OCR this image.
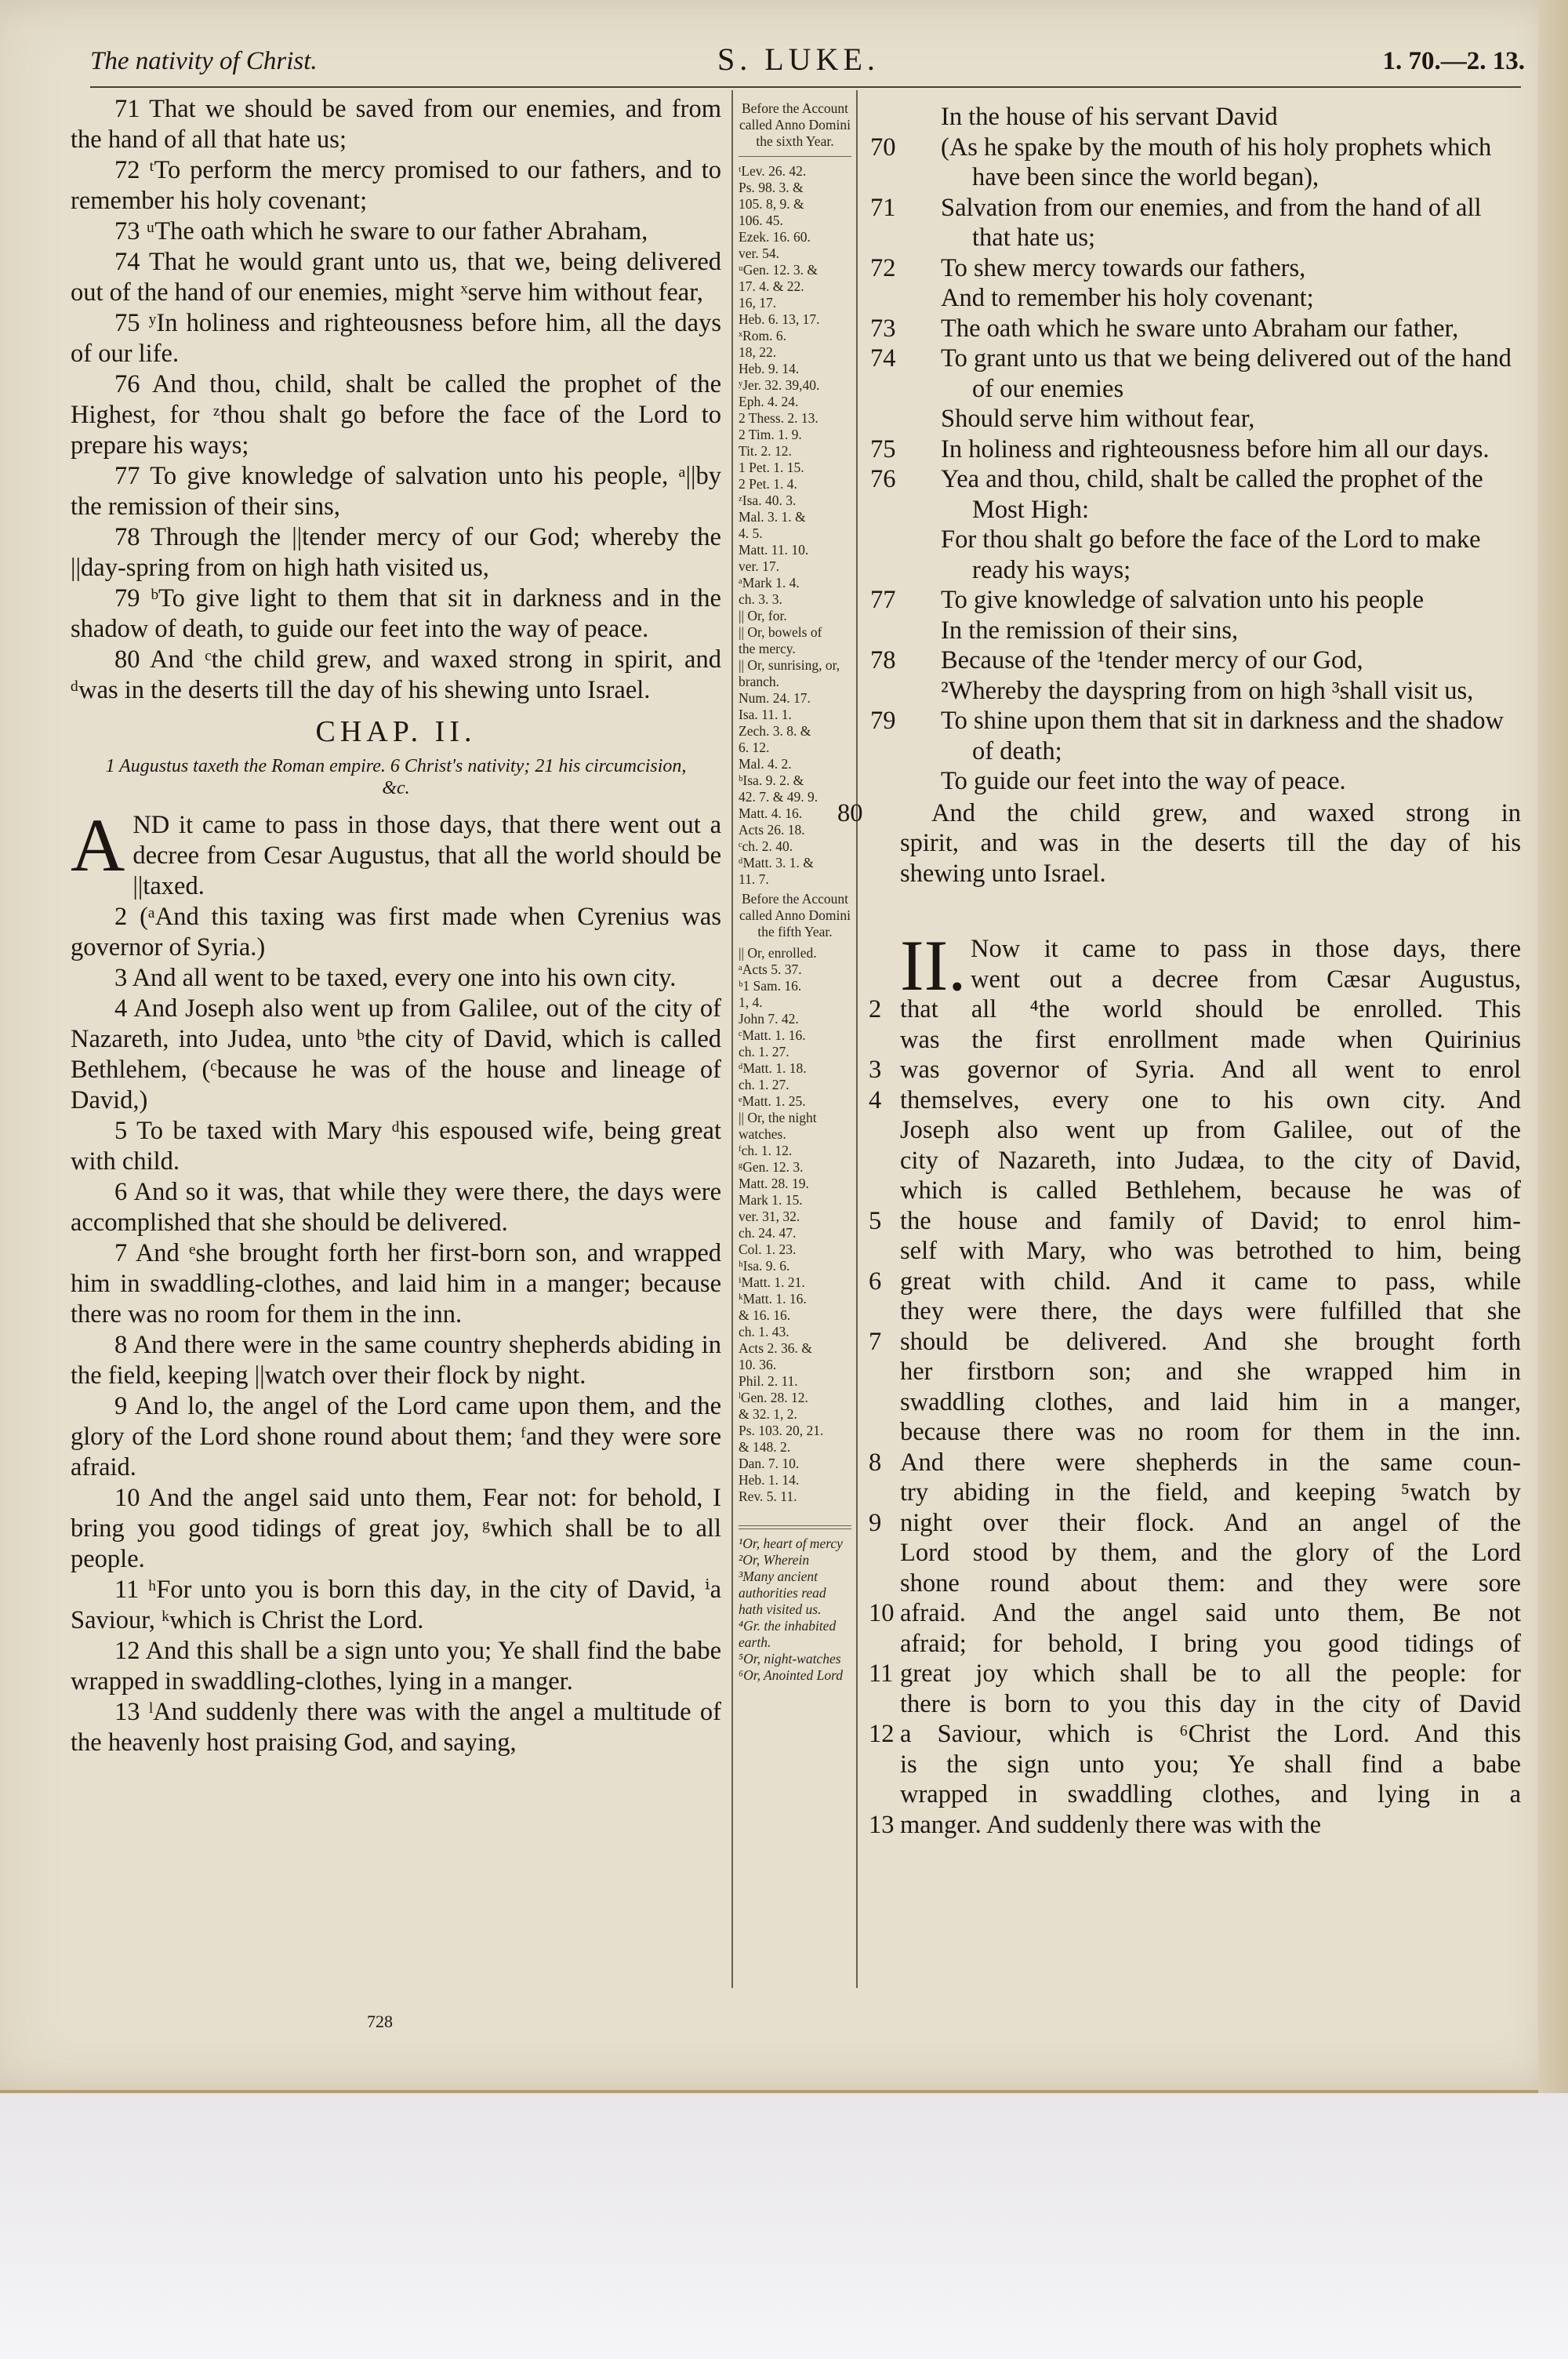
The nativity of Christ.	S. LUKE.	1. 70.—2. 13.

71 That we should be saved from our enemies, and from the hand of all that hate us;

72 ᵗTo perform the mercy promised to our fathers, and to remember his holy covenant;

73 ᵘThe oath which he sware to our father Abraham,

74 That he would grant unto us, that we, being delivered out of the hand of our enemies, might ˣserve him without fear,

75 ʸIn holiness and righteousness before him, all the days of our life.

76 And thou, child, shalt be called the prophet of the Highest, for ᶻthou shalt go before the face of the Lord to prepare his ways;

77 To give knowledge of salvation unto his people, ᵃ||by the remission of their sins,

78 Through the ||tender mercy of our God; whereby the ||day-spring from on high hath visited us,

79 ᵇTo give light to them that sit in darkness and in the shadow of death, to guide our feet into the way of peace.

80 And ᶜthe child grew, and waxed strong in spirit, and ᵈwas in the deserts till the day of his shewing unto Israel.

CHAP. II.
1 Augustus taxeth the Roman empire. 6 Christ's nativity; 21 his circumcision, &c.

AND it came to pass in those days, that there went out a decree from Cesar Augustus, that all the world should be ||taxed.

2 (ᵃAnd this taxing was first made when Cyrenius was governor of Syria.)

3 And all went to be taxed, every one into his own city.

4 And Joseph also went up from Galilee, out of the city of Nazareth, into Judea, unto ᵇthe city of David, which is called Bethlehem, (ᶜbecause he was of the house and lineage of David,)

5 To be taxed with Mary ᵈhis espoused wife, being great with child.

6 And so it was, that while they were there, the days were accomplished that she should be delivered.

7 And ᵉshe brought forth her first-born son, and wrapped him in swaddling-clothes, and laid him in a manger; because there was no room for them in the inn.

8 And there were in the same country shepherds abiding in the field, keeping ||watch over their flock by night.

9 And lo, the angel of the Lord came upon them, and the glory of the Lord shone round about them; ᶠand they were sore afraid.

10 And the angel said unto them, Fear not: for behold, I bring you good tidings of great joy, ᵍwhich shall be to all people.

11 ʰFor unto you is born this day, in the city of David, ⁱa Saviour, ᵏwhich is Christ the Lord.

12 And this shall be a sign unto you; Ye shall find the babe wrapped in swaddling-clothes, lying in a manger.

13 ˡAnd suddenly there was with the angel a multitude of the heavenly host praising God, and saying,

Before the Account called Anno Domini the sixth Year.
ᵗLev. 26. 42.
Ps. 98. 3. &
105. 8, 9. &
106. 45.
Ezek. 16. 60.
ver. 54.
ᵘGen. 12. 3. &
17. 4. & 22.
16, 17.
Heb. 6. 13, 17.
ˣRom. 6.
18, 22.
Heb. 9. 14.
ʸJer. 32. 39,40.
Eph. 4. 24.
2 Thess. 2. 13.
2 Tim. 1. 9.
Tit. 2. 12.
1 Pet. 1. 15.
2 Pet. 1. 4.
ᶻIsa. 40. 3.
Mal. 3. 1. &
4. 5.
Matt. 11. 10.
ver. 17.
ᵃMark 1. 4.
ch. 3. 3.
|| Or, for.
|| Or, bowels of
the mercy.
|| Or, sunrising, or,
branch.
Num. 24. 17.
Isa. 11. 1.
Zech. 3. 8. &
6. 12.
Mal. 4. 2.
ᵇIsa. 9. 2. &
42. 7. & 49. 9.
Matt. 4. 16.
Acts 26. 18.
ᶜch. 2. 40.
ᵈMatt. 3. 1. &
11. 7.
Before the Account called Anno Domini the fifth Year.
|| Or, enrolled.
ᵃActs 5. 37.
ᵇ1 Sam. 16.
1, 4.
John 7. 42.
ᶜMatt. 1. 16.
ch. 1. 27.
ᵈMatt. 1. 18.
ch. 1. 27.
ᵉMatt. 1. 25.
|| Or, the night
watches.
ᶠch. 1. 12.
ᵍGen. 12. 3.
Matt. 28. 19.
Mark 1. 15.
ver. 31, 32.
ch. 24. 47.
Col. 1. 23.
ʰIsa. 9. 6.
ⁱMatt. 1. 21.
ᵏMatt. 1. 16.
& 16. 16.
ch. 1. 43.
Acts 2. 36. &
10. 36.
Phil. 2. 11.
ˡGen. 28. 12.
& 32. 1, 2.
Ps. 103. 20, 21.
& 148. 2.
Dan. 7. 10.
Heb. 1. 14.
Rev. 5. 11.
¹Or, heart of mercy
²Or, Wherein
³Many ancient authorities read hath visited us.
⁴Gr. the inhabited earth.
⁵Or, night-watches
⁶Or, Anointed Lord
In the house of his servant David
70 (As he spake by the mouth of his holy prophets which have been since the world began),
71 Salvation from our enemies, and from the hand of all that hate us;
72 To shew mercy towards our fathers,
And to remember his holy covenant;
73 The oath which he sware unto Abraham our father,
74 To grant unto us that we being delivered out of the hand of our enemies
Should serve him without fear,
75 In holiness and righteousness before him all our days.
76 Yea and thou, child, shalt be called the prophet of the Most High:
For thou shalt go before the face of the Lord to make ready his ways;
77 To give knowledge of salvation unto his people
In the remission of their sins,
78 Because of the ¹tender mercy of our God,
²Whereby the dayspring from on high ³shall visit us,
79 To shine upon them that sit in darkness and the shadow of death;
To guide our feet into the way of peace.
80	And the child grew, and waxed strong in
spirit, and was in the deserts till the day of his
shewing unto Israel.
II. Now it came to pass in those days, there
went out a decree from Cæsar Augustus,
2 that all ⁴the world should be enrolled. This
was the first enrollment made when Quirinius
3 was governor of Syria. And all went to enrol
4 themselves, every one to his own city. And
Joseph also went up from Galilee, out of the
city of Nazareth, into Judæa, to the city of David,
which is called Bethlehem, because he was of
5 the house and family of David; to enrol him-
self with Mary, who was betrothed to him, being
6 great with child. And it came to pass, while
they were there, the days were fulfilled that she
7 should be delivered. And she brought forth
her firstborn son; and she wrapped him in
swaddling clothes, and laid him in a manger,
because there was no room for them in the inn.
8 And there were shepherds in the same coun-
try abiding in the field, and keeping ⁵watch by
9 night over their flock. And an angel of the
Lord stood by them, and the glory of the Lord
shone round about them: and they were sore
10 afraid. And the angel said unto them, Be not
afraid; for behold, I bring you good tidings of
11 great joy which shall be to all the people: for
there is born to you this day in the city of David
12 a Saviour, which is ⁶Christ the Lord. And this
is the sign unto you; Ye shall find a babe
wrapped in swaddling clothes, and lying in a
13 manger. And suddenly there was with the
728
